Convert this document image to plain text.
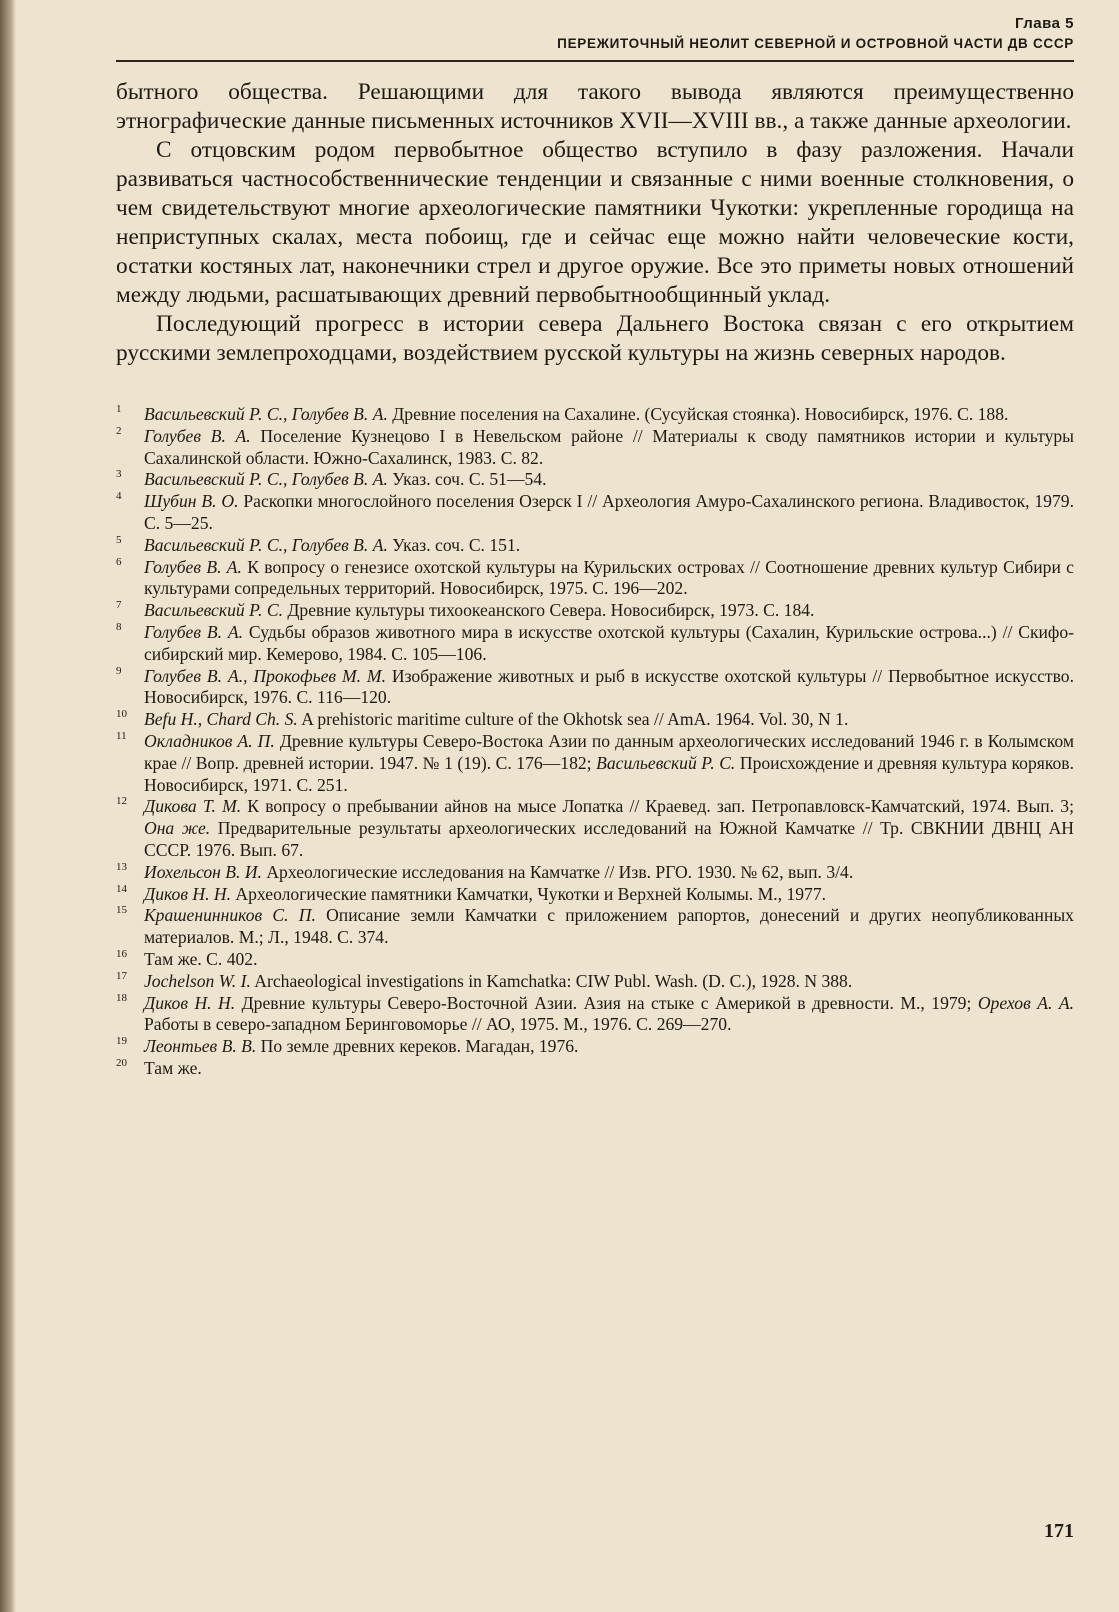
Глава 5
ПЕРЕЖИТОЧНЫЙ НЕОЛИТ СЕВЕРНОЙ И ОСТРОВНОЙ ЧАСТИ ДВ СССР

бытного общества. Решающими для такого вывода являются преимущественно этнографические данные письменных источников XVII—XVIII вв., а также данные археологии.

С отцовским родом первобытное общество вступило в фазу разложения. Начали развиваться частнособственнические тенденции и связанные с ними военные столкновения, о чем свидетельствуют многие археологические памятники Чукотки: укрепленные городища на неприступных скалах, места побоищ, где и сейчас еще можно найти человеческие кости, остатки костяных лат, наконечники стрел и другое оружие. Все это приметы новых отношений между людьми, расшатывающих древний первобытнообщинный уклад.

Последующий прогресс в истории севера Дальнего Востока связан с его открытием русскими землепроходцами, воздействием русской культуры на жизнь северных народов.

1	Васильевский Р. С., Голубев В. А. Древние поселения на Сахалине. (Сусуйская стоянка). Новосибирск, 1976. С. 188.

2	Голубев В. А. Поселение Кузнецово I в Невельском районе // Материалы к своду памятников истории и культуры Сахалинской области. Южно-Сахалинск, 1983. С. 82.

3	Васильевский Р. С., Голубев В. А. Указ. соч. С. 51—54.

4	Шубин В. О. Раскопки многослойного поселения Озерск I // Археология Амуро-Сахалинского региона. Владивосток, 1979. С. 5—25.

5	Васильевский Р. С., Голубев В. А. Указ. соч. С. 151.

6	Голубев В. А. К вопросу о генезисе охотской культуры на Курильских островах // Соотношение древних культур Сибири с культурами сопредельных территорий. Новосибирск, 1975. С. 196—202.

7	Васильевский Р. С. Древние культуры тихоокеанского Севера. Новосибирск, 1973. С. 184.

8	Голубев В. А. Судьбы образов животного мира в искусстве охотской культуры (Сахалин, Курильские острова...) // Скифо-сибирский мир. Кемерово, 1984. С. 105—106.

9	Голубев В. А., Прокофьев М. М. Изображение животных и рыб в искусстве охотской культуры // Первобытное искусство. Новосибирск, 1976. С. 116—120.

10 Befu H., Chard Ch. S. A prehistoric maritime culture of the Okhotsk sea // AmA. 1964. Vol. 30, N 1.

11 Окладников А. П. Древние культуры Северо-Востока Азии по данным археологических исследований 1946 г. в Колымском крае // Вопр. древней истории. 1947. № 1 (19). С. 176—182; Васильевский Р. С. Происхождение и древняя культура коряков. Новосибирск, 1971. С. 251.

12 Дикова Т. М. К вопросу о пребывании айнов на мысе Лопатка // Краевед. зап. Петропавловск-Камчатский, 1974. Вып. 3; Она же. Предварительные результаты археологических исследований на Южной Камчатке // Тр. СВКНИИ ДВНЦ АН СССР. 1976. Вып. 67.

13 Иохельсон В. И. Археологические исследования на Камчатке // Изв. РГО. 1930. № 62, вып. 3/4.

14 Диков Н. Н. Археологические памятники Камчатки, Чукотки и Верхней Колымы. М., 1977.

15 Крашенинников С. П. Описание земли Камчатки с приложением рапортов, донесений и других неопубликованных материалов. М.; Л., 1948. С. 374.

16 Там же. С. 402.

17 Jochelson W. I. Archaeological investigations in Kamchatka: CIW Publ. Wash. (D. C.), 1928. N 388.

18 Диков Н. Н. Древние культуры Северо-Восточной Азии. Азия на стыке с Америкой в древности. М., 1979; Орехов А. А. Работы в северо-западном Беринговоморье // АО, 1975. М., 1976. С. 269—270.

19 Леонтьев В. В. По земле древних кереков. Магадан, 1976.

20 Там же.

171
